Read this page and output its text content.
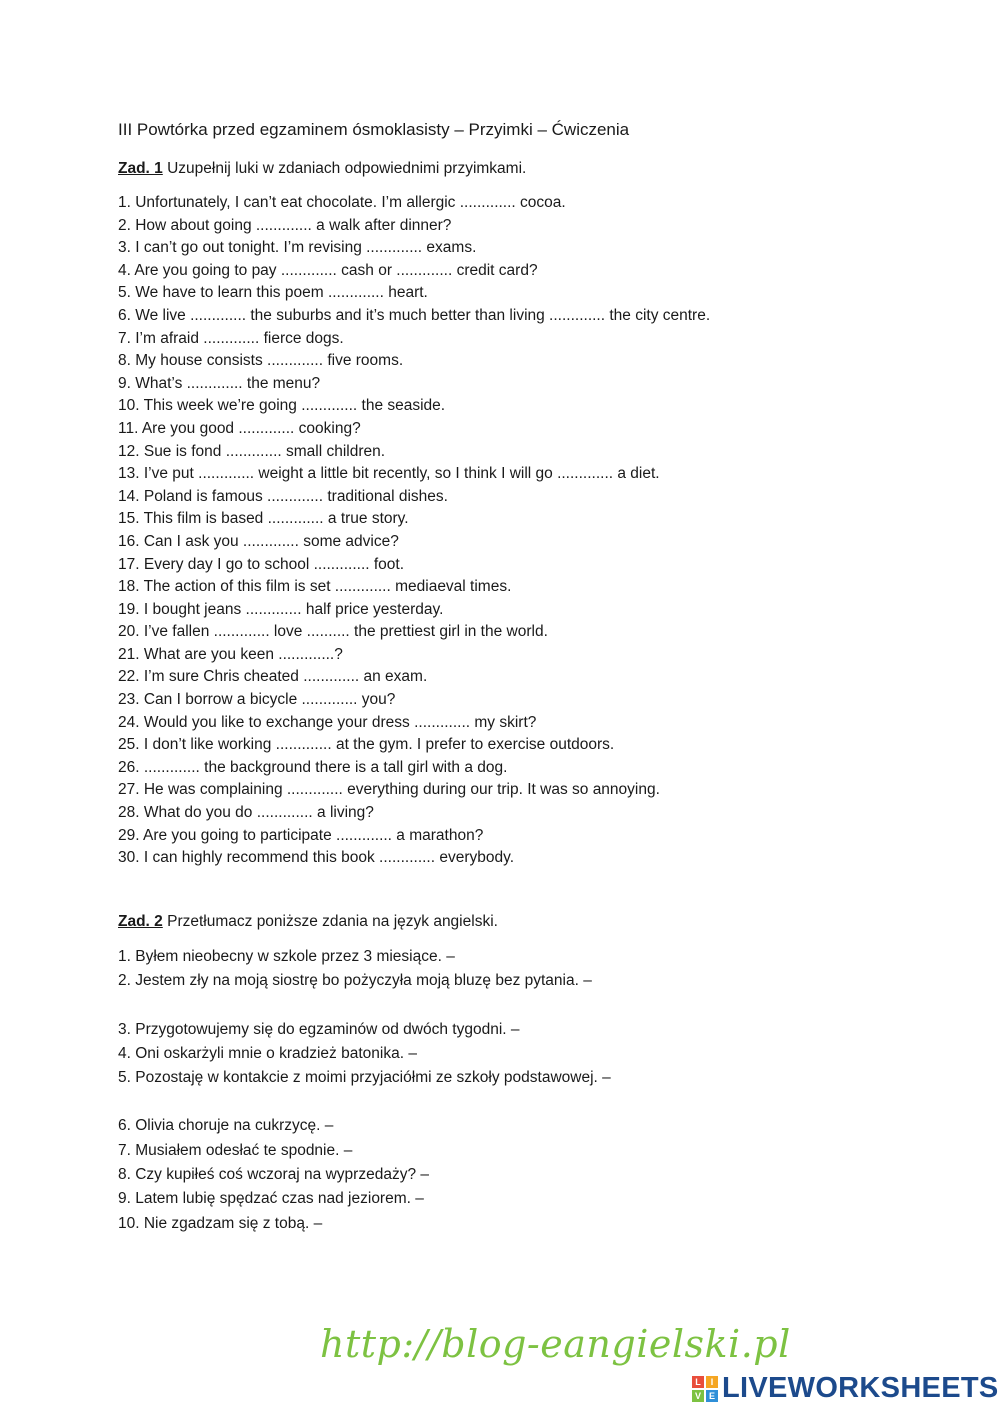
III Powtórka przed egzaminem ósmoklasisty – Przyimki – Ćwiczenia
Zad. 1 Uzupełnij luki w zdaniach odpowiednimi przyimkami.
1. Unfortunately, I can’t eat chocolate. I’m allergic ............. cocoa.
2. How about going ............. a walk after dinner?
3. I can’t go out tonight. I’m revising ............. exams.
4. Are you going to pay ............. cash or ............. credit card?
5. We have to learn this poem ............. heart.
6. We live ............. the suburbs and it’s much better than living ............. the city centre.
7. I’m afraid ............. fierce dogs.
8. My house consists ............. five rooms.
9. What’s ............. the menu?
10. This week we’re going ............. the seaside.
11. Are you good ............. cooking?
12. Sue is fond ............. small children.
13. I’ve put ............. weight a little bit recently, so I think I will go ............. a diet.
14. Poland is famous ............. traditional dishes.
15. This film is based ............. a true story.
16. Can I ask you ............. some advice?
17. Every day I go to school ............. foot.
18. The action of this film is set ............. mediaeval times.
19. I bought jeans ............. half price yesterday.
20. I’ve fallen ............. love .......... the prettiest girl in the world.
21. What are you keen .............?
22. I’m sure Chris cheated ............. an exam.
23. Can I borrow a bicycle ............. you?
24. Would you like to exchange your dress ............. my skirt?
25. I don’t like working ............. at the gym. I prefer to exercise outdoors.
26. ............. the background there is a tall girl with a dog.
27. He was complaining ............. everything during our trip. It was so annoying.
28. What do you do ............. a living?
29. Are you going to participate ............. a marathon?
30. I can highly recommend this book ............. everybody.
Zad. 2 Przetłumacz poniższe zdania na język angielski.
1. Byłem nieobecny w szkole przez 3 miesiące. –
2. Jestem zły na moją siostrę bo pożyczyła moją bluzę bez pytania. –
3. Przygotowujemy się do egzaminów od dwóch tygodni. –
4. Oni oskarżyli mnie o kradzież batonika. –
5. Pozostaję w kontakcie z moimi przyjaciółmi ze szkoły podstawowej. –
6. Olivia choruje na cukrzycę. –
7. Musiałem odesłać te spodnie. –
8. Czy kupiłeś coś wczoraj na wyprzedaży? –
9. Latem lubię spędzać czas nad jeziorem. –
10. Nie zgadzam się z tobą. –
http://blog-eangielski.pl
L	I
V E LIVEWORKSHEETS
